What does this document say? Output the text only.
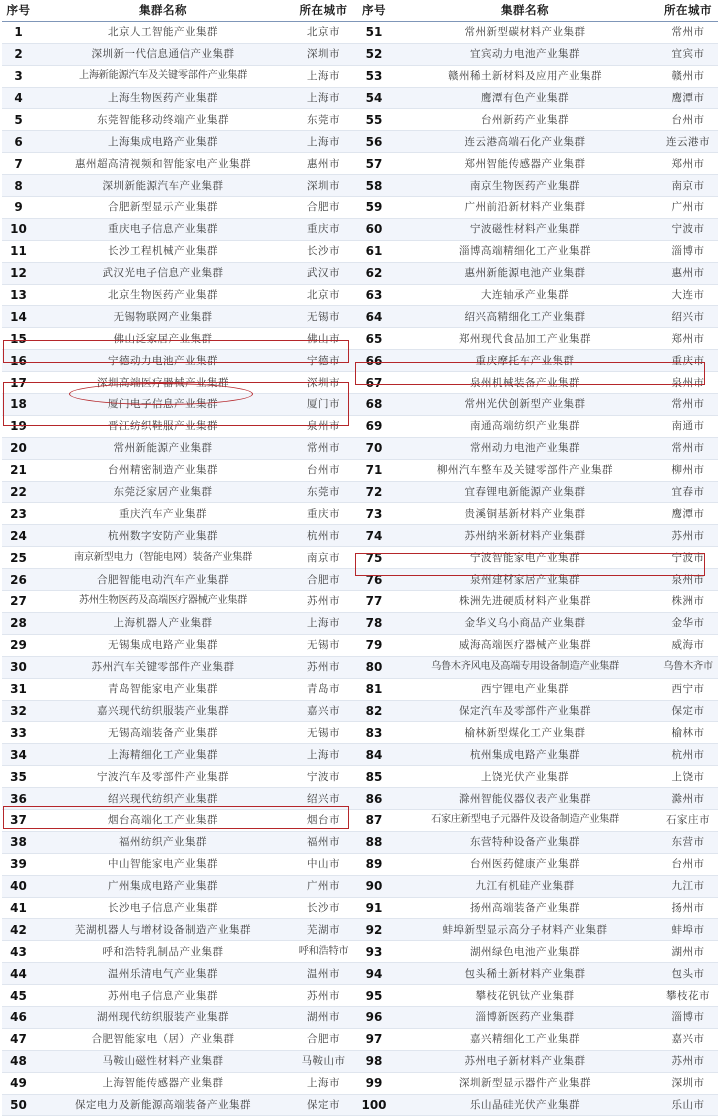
序号	集群名称	所在城市
1	北京人工智能产业集群	北京市
2	深圳新一代信息通信产业集群	深圳市
3	上海新能源汽车及关键零部件产业集群	上海市
4	上海生物医药产业集群	上海市
5	东莞智能移动终端产业集群	东莞市
6	上海集成电路产业集群	上海市
7	惠州超高清视频和智能家电产业集群	惠州市
8	深圳新能源汽车产业集群	深圳市
9	合肥新型显示产业集群	合肥市
10	重庆电子信息产业集群	重庆市
11	长沙工程机械产业集群	长沙市
12	武汉光电子信息产业集群	武汉市
13	北京生物医药产业集群	北京市
14	无锡物联网产业集群	无锡市
15	佛山泛家居产业集群	佛山市
16	宁德动力电池产业集群	宁德市
17	深圳高端医疗器械产业集群	深圳市
18	厦门电子信息产业集群	厦门市
19	晋江纺织鞋服产业集群	泉州市
20	常州新能源产业集群	常州市
21	台州精密制造产业集群	台州市
22	东莞泛家居产业集群	东莞市
23	重庆汽车产业集群	重庆市
24	杭州数字安防产业集群	杭州市
25	南京新型电力（智能电网）装备产业集群	南京市
26	合肥智能电动汽车产业集群	合肥市
27	苏州生物医药及高端医疗器械产业集群	苏州市
28	上海机器人产业集群	上海市
29	无锡集成电路产业集群	无锡市
30	苏州汽车关键零部件产业集群	苏州市
31	青岛智能家电产业集群	青岛市
32	嘉兴现代纺织服装产业集群	嘉兴市
33	无锡高端装备产业集群	无锡市
34	上海精细化工产业集群	上海市
35	宁波汽车及零部件产业集群	宁波市
36	绍兴现代纺织产业集群	绍兴市
37	烟台高端化工产业集群	烟台市
38	福州纺织产业集群	福州市
39	中山智能家电产业集群	中山市
40	广州集成电路产业集群	广州市
41	长沙电子信息产业集群	长沙市
42	芜湖机器人与增材设备制造产业集群	芜湖市
43	呼和浩特乳制品产业集群	呼和浩特市
44	温州乐清电气产业集群	温州市
45	苏州电子信息产业集群	苏州市
46	湖州现代纺织服装产业集群	湖州市
47	合肥智能家电（居）产业集群	合肥市
48	马鞍山磁性材料产业集群	马鞍山市
49	上海智能传感器产业集群	上海市
50	保定电力及新能源高端装备产业集群	保定市
序号	集群名称	所在城市
51	常州新型碳材料产业集群	常州市
52	宜宾动力电池产业集群	宜宾市
53	赣州稀土新材料及应用产业集群	赣州市
54	鹰潭有色产业集群	鹰潭市
55	台州新药产业集群	台州市
56	连云港高端石化产业集群	连云港市
57	郑州智能传感器产业集群	郑州市
58	南京生物医药产业集群	南京市
59	广州前沿新材料产业集群	广州市
60	宁波磁性材料产业集群	宁波市
61	淄博高端精细化工产业集群	淄博市
62	惠州新能源电池产业集群	惠州市
63	大连轴承产业集群	大连市
64	绍兴高精细化工产业集群	绍兴市
65	郑州现代食品加工产业集群	郑州市
66	重庆摩托车产业集群	重庆市
67	泉州机械装备产业集群	泉州市
68	常州光伏创新型产业集群	常州市
69	南通高端纺织产业集群	南通市
70	常州动力电池产业集群	常州市
71	柳州汽车整车及关键零部件产业集群	柳州市
72	宜春锂电新能源产业集群	宜春市
73	贵溪铜基新材料产业集群	鹰潭市
74	苏州纳米新材料产业集群	苏州市
75	宁波智能家电产业集群	宁波市
76	泉州建材家居产业集群	泉州市
77	株洲先进硬质材料产业集群	株洲市
78	金华义乌小商品产业集群	金华市
79	威海高端医疗器械产业集群	威海市
80	乌鲁木齐风电及高端专用设备制造产业集群	乌鲁木齐市
81	西宁锂电产业集群	西宁市
82	保定汽车及零部件产业集群	保定市
83	榆林新型煤化工产业集群	榆林市
84	杭州集成电路产业集群	杭州市
85	上饶光伏产业集群	上饶市
86	滁州智能仪器仪表产业集群	滁州市
87	石家庄新型电子元器件及设备制造产业集群	石家庄市
88	东营特种设备产业集群	东营市
89	台州医药健康产业集群	台州市
90	九江有机硅产业集群	九江市
91	扬州高端装备产业集群	扬州市
92	蚌埠新型显示高分子材料产业集群	蚌埠市
93	湖州绿色电池产业集群	湖州市
94	包头稀土新材料产业集群	包头市
95	攀枝花钒钛产业集群	攀枝花市
96	淄博新医药产业集群	淄博市
97	嘉兴精细化工产业集群	嘉兴市
98	苏州电子新材料产业集群	苏州市
99	深圳新型显示器件产业集群	深圳市
100	乐山晶硅光伏产业集群	乐山市
